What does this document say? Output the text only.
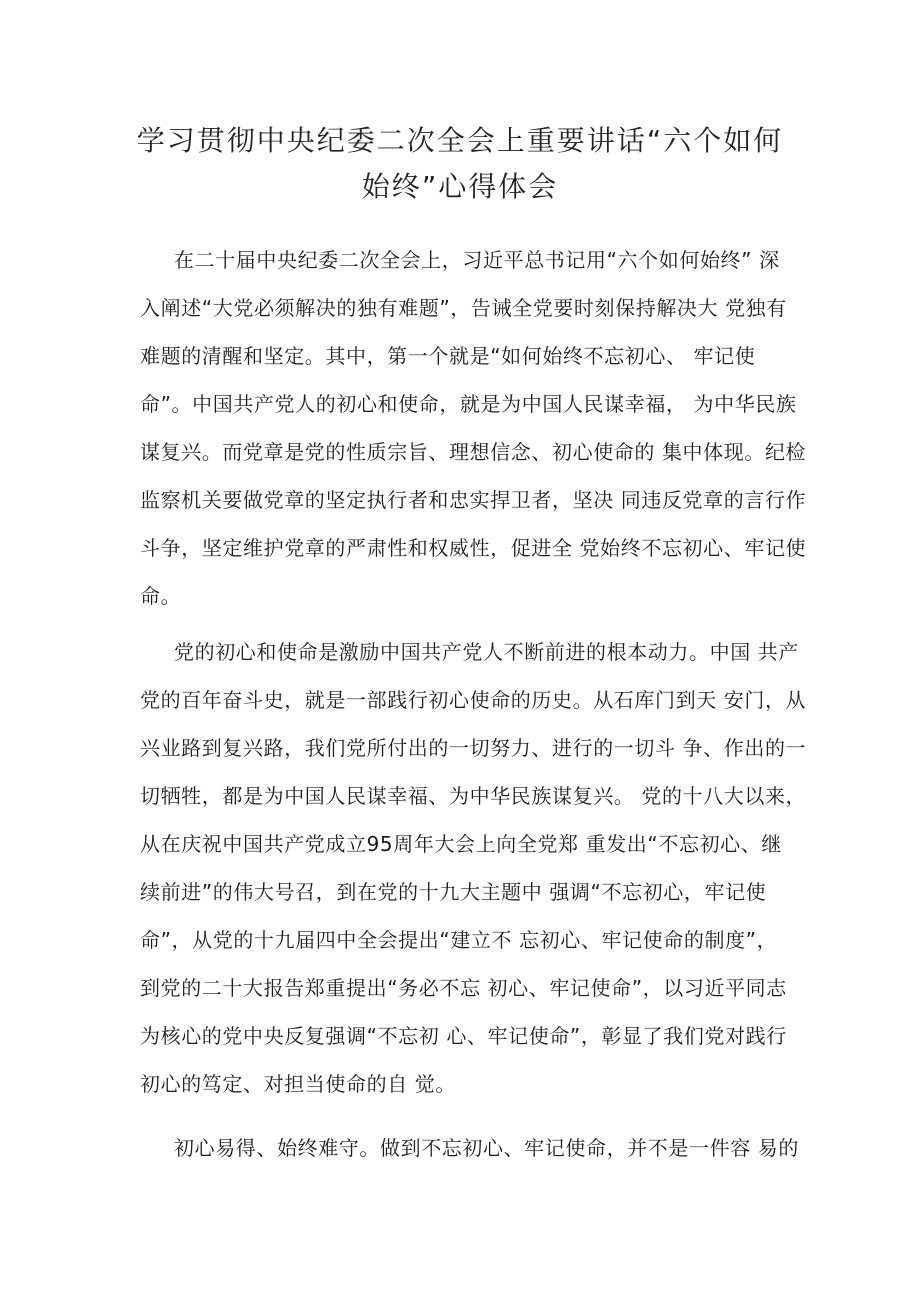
学习贯彻中央纪委二次全会上重要讲话“六个如何
始终”心得体会
在二十届中央纪委二次全会上，习近平总书记用“六个如何始终” 深
入阐述“大党必须解决的独有难题”，告诫全党要时刻保持解决大 党独有
难题的清醒和坚定。其中，第一个就是“如何始终不忘初心、 牢记使
命”。中国共产党人的初心和使命，就是为中国人民谋幸福， 为中华民族
谋复兴。而党章是党的性质宗旨、理想信念、初心使命的 集中体现。纪检
监察机关要做党章的坚定执行者和忠实捍卫者，坚决 同违反党章的言行作
斗争，坚定维护党章的严肃性和权威性，促进全 党始终不忘初心、牢记使
命。
党的初心和使命是激励中国共产党人不断前进的根本动力。中国 共产
党的百年奋斗史，就是一部践行初心使命的历史。从石库门到天 安门，从
兴业路到复兴路，我们党所付出的一切努力、进行的一切斗 争、作出的一
切牺牲，都是为中国人民谋幸福、为中华民族谋复兴。 党的十八大以来，
从在庆祝中国共产党成立95周年大会上向全党郑 重发出“不忘初心、继
续前进”的伟大号召，到在党的十九大主题中 强调“不忘初心，牢记使
命”，从党的十九届四中全会提出“建立不 忘初心、牢记使命的制度”，
到党的二十大报告郑重提出“务必不忘 初心、牢记使命”，以习近平同志
为核心的党中央反复强调“不忘初 心、牢记使命”，彰显了我们党对践行
初心的笃定、对担当使命的自 觉。
初心易得、始终难守。做到不忘初心、牢记使命，并不是一件容 易的
